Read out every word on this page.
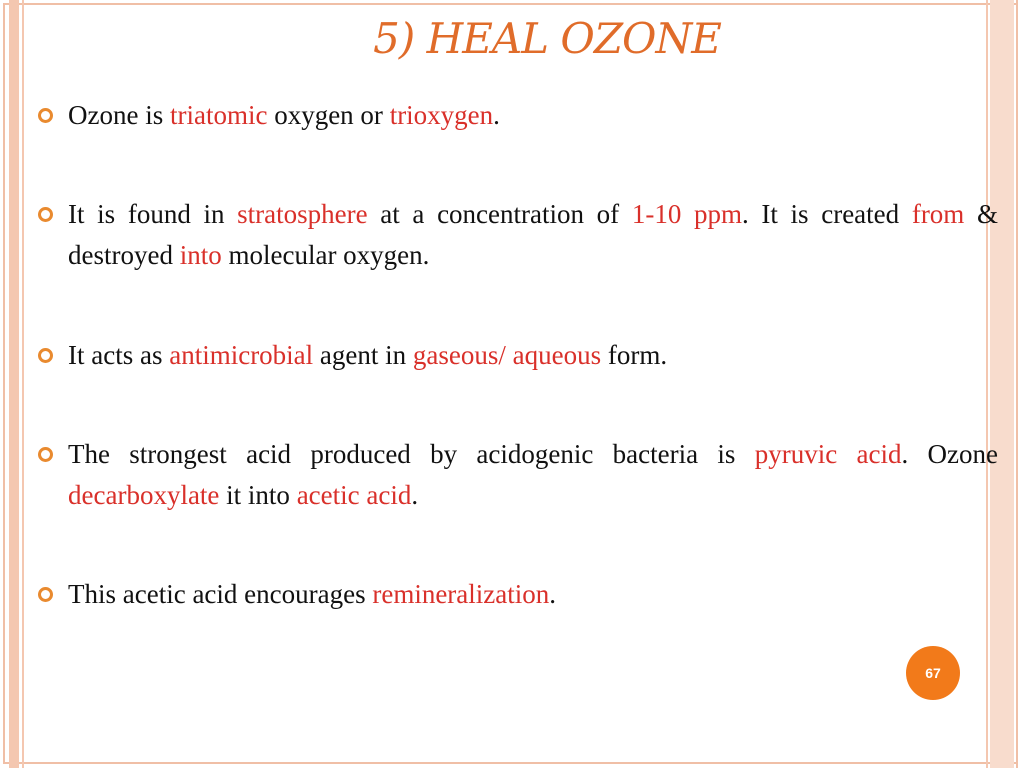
5) HEAL OZONE
Ozone is triatomic oxygen or trioxygen.
It is found in stratosphere at a concentration of 1-10 ppm. It is created from & destroyed into molecular oxygen.
It acts as antimicrobial agent in gaseous/ aqueous form.
The strongest acid produced by acidogenic bacteria is pyruvic acid. Ozone decarboxylate it into acetic acid.
This acetic acid encourages remineralization.
67
